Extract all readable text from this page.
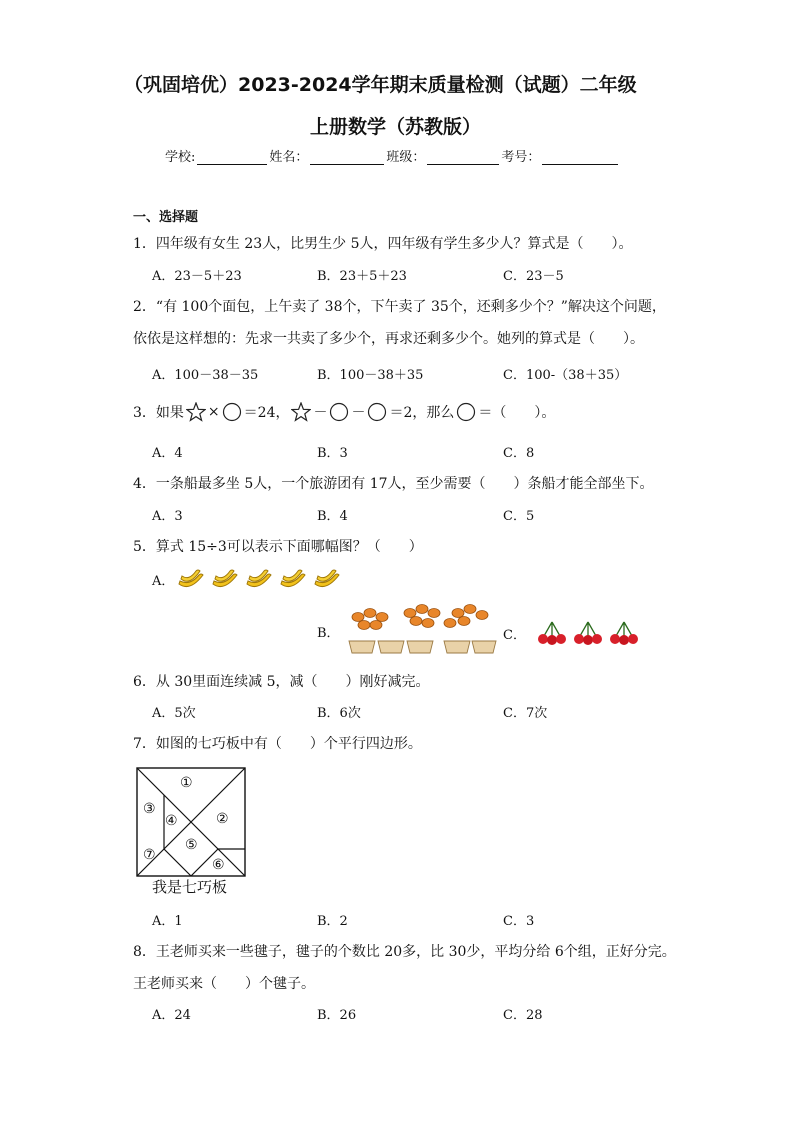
（巩固培优）2023-2024学年期末质量检测（试题）二年级
上册数学（苏教版）
学校:	姓名：	班级：	考号：
一、选择题
1．四年级有女生 23人，比男生少 5人，四年级有学生多少人？算式是（　　）。
A．23－5＋23	B．23＋5＋23	C．23－5
2．“有 100个面包，上午卖了 38个，下午卖了 35个，还剩多少个？”解决这个问题，
依依是这样想的：先求一共卖了多少个，再求还剩多少个。她列的算式是（　　）。
A．100－38－35	B．100－38＋35	C．100-（38＋35）
3．如果 × ＝24， － － ＝2，那么 ＝（　　）。
A．4	B．3	C．8
4．一条船最多坐 5人，一个旅游团有 17人，至少需要（　　）条船才能全部坐下。
A．3	B．4	C．5
5．算式 15÷3可以表示下面哪幅图？（　　）
A．
B．	C．
6．从 30里面连续减 5，减（　　）刚好减完。
A．5次	B．6次	C．7次
7．如图的七巧板中有（　　）个平行四边形。
①
②
③
④
⑤
⑥
⑦
我是七巧板
A．1	B．2	C．3
8．王老师买来一些毽子，毽子的个数比 20多，比 30少，平均分给 6个组，正好分完。
王老师买来（　　）个毽子。
A．24	B．26	C．28
